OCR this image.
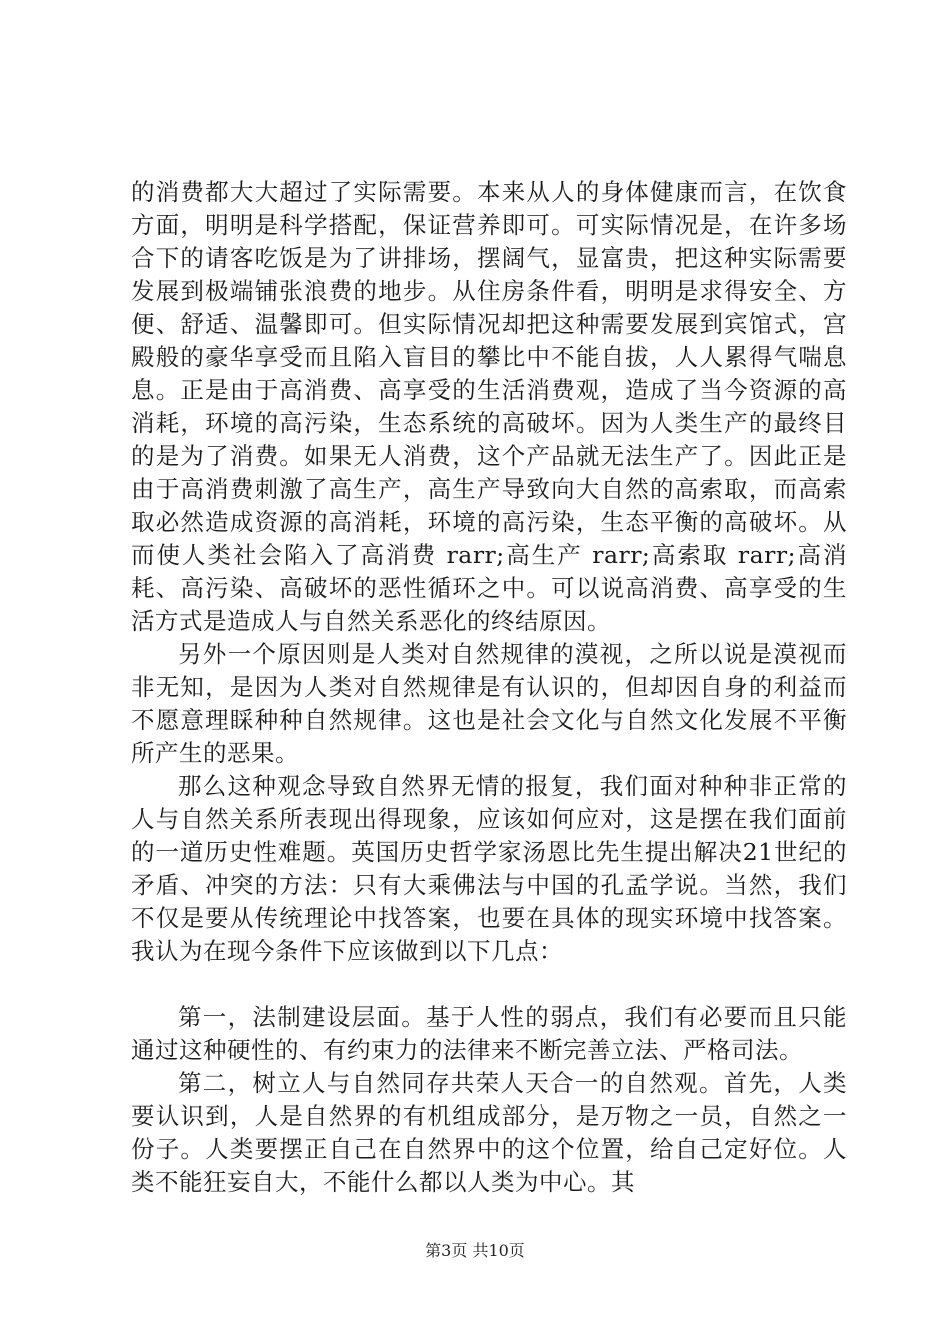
的消费都大大超过了实际需要。本来从人的身体健康而言，在饮食方面，明明是科学搭配，保证营养即可。可实际情况是，在许多场合下的请客吃饭是为了讲排场，摆阔气，显富贵，把这种实际需要发展到极端铺张浪费的地步。从住房条件看，明明是求得安全、方便、舒适、温馨即可。但实际情况却把这种需要发展到宾馆式，宫殿般的豪华享受而且陷入盲目的攀比中不能自拔，人人累得气喘息息。正是由于高消费、高享受的生活消费观，造成了当今资源的高消耗，环境的高污染，生态系统的高破坏。因为人类生产的最终目的是为了消费。如果无人消费，这个产品就无法生产了。因此正是由于高消费刺激了高生产，高生产导致向大自然的高索取，而高索取必然造成资源的高消耗，环境的高污染，生态平衡的高破坏。从而使人类社会陷入了高消费 rarr;高生产 rarr;高索取 rarr;高消耗、高污染、高破坏的恶性循环之中。可以说高消费、高享受的生活方式是造成人与自然关系恶化的终结原因。

另外一个原因则是人类对自然规律的漠视，之所以说是漠视而非无知，是因为人类对自然规律是有认识的，但却因自身的利益而不愿意理睬种种自然规律。这也是社会文化与自然文化发展不平衡所产生的恶果。

那么这种观念导致自然界无情的报复，我们面对种种非正常的人与自然关系所表现出得现象，应该如何应对，这是摆在我们面前的一道历史性难题。英国历史哲学家汤恩比先生提出解决21世纪的矛盾、冲突的方法：只有大乘佛法与中国的孔孟学说。当然，我们不仅是要从传统理论中找答案，也要在具体的现实环境中找答案。我认为在现今条件下应该做到以下几点：

第一，法制建设层面。基于人性的弱点，我们有必要而且只能通过这种硬性的、有约束力的法律来不断完善立法、严格司法。

第二，树立人与自然同存共荣人天合一的自然观。首先，人类要认识到，人是自然界的有机组成部分，是万物之一员，自然之一份子。人类要摆正自己在自然界中的这个位置，给自己定好位。人类不能狂妄自大，不能什么都以人类为中心。其

第3页 共10页
